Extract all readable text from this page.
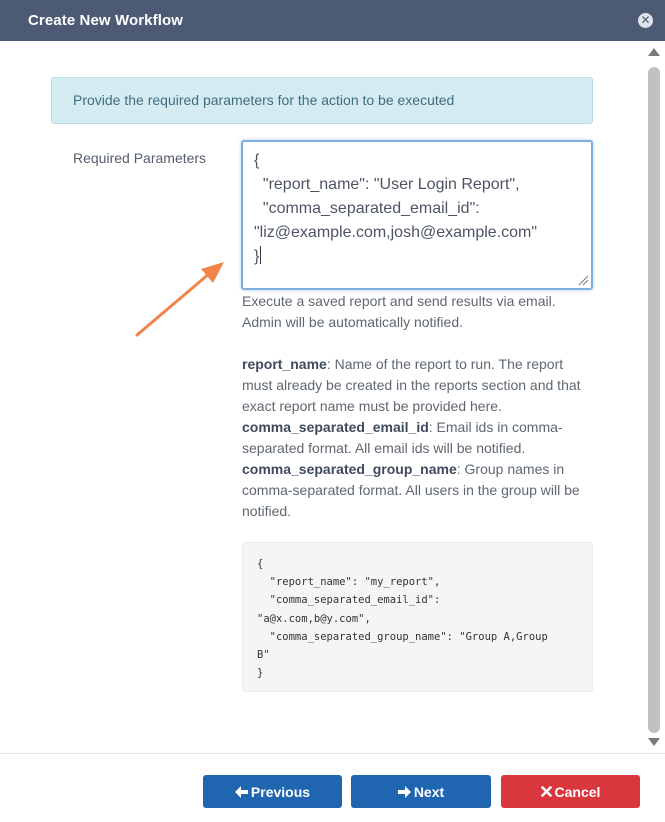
Create New Workflow	✕
Provide the required parameters for the action to be executed
Required Parameters	{
"report_name": "User Login Report",
"comma_separated_email_id":
"liz@example.com,josh@example.com"
}

Execute a saved report and send results via email. Admin will be automatically notified.

report_name: Name of the report to run. The report must already be created in the reports section and that exact report name must be provided here.

comma_separated_email_id: Email ids in comma-separated format. All email ids will be notified.

comma_separated_group_name: Group names in comma-separated format. All users in the group will be notified.

{
"report_name": "my_report",
"comma_separated_email_id":
"a@x.com,b@y.com",
"comma_separated_group_name": "Group A,Group
B"
}
Previous	Next	Cancel
